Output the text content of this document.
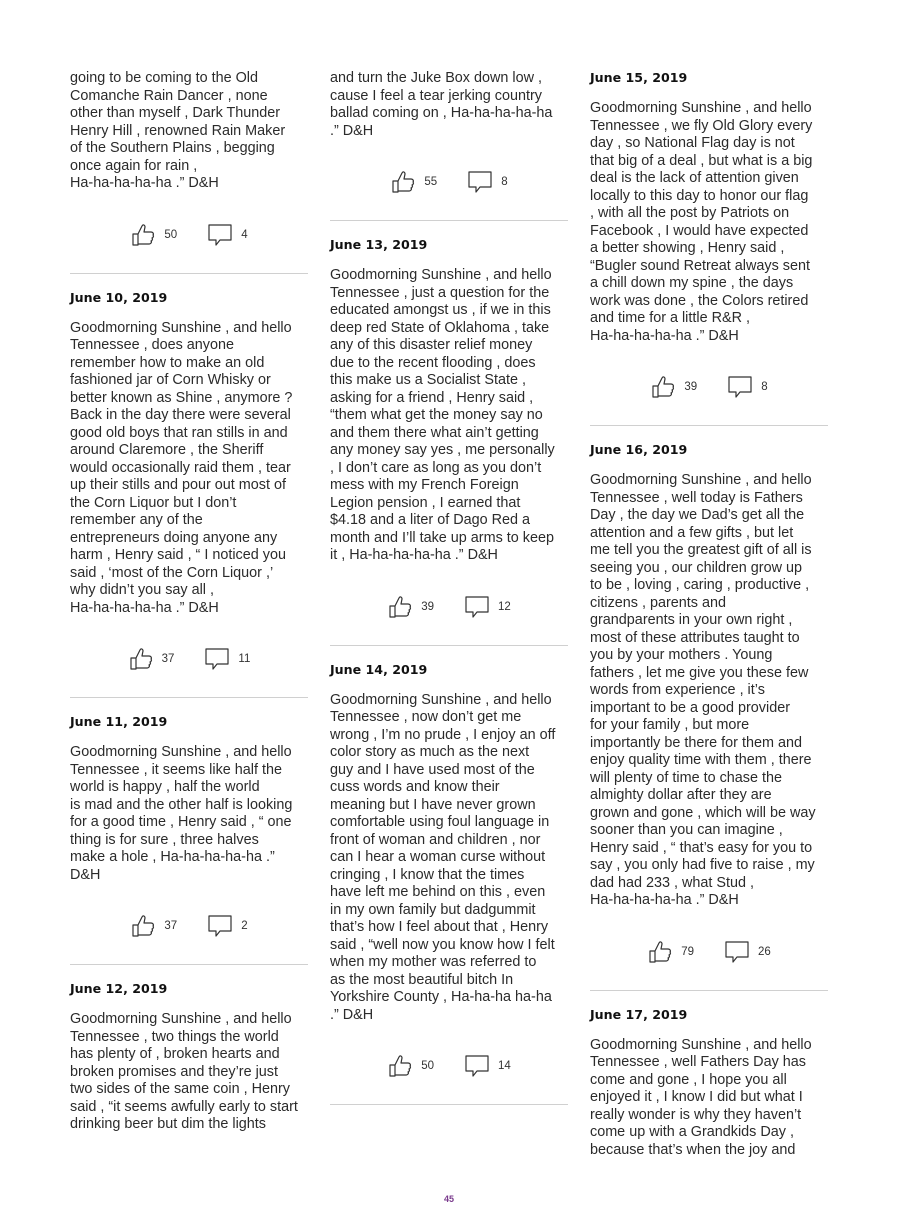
going to be coming to the Old
Comanche Rain Dancer , none
other than myself , Dark Thunder
Henry Hill , renowned Rain Maker
of the Southern Plains , begging
once again for rain ,
Ha-ha-ha-ha-ha .” D&H

50	4

June 10, 2019

Goodmorning Sunshine , and hello
Tennessee , does anyone
remember how to make an old
fashioned jar of Corn Whisky or
better known as Shine , anymore ?
Back in the day there were several
good old boys that ran stills in and
around Claremore , the Sheriff
would occasionally raid them , tear
up their stills and pour out most of
the Corn Liquor but I don’t
remember any of the
entrepreneurs doing anyone any
harm , Henry said , “ I noticed you
said , ‘most of the Corn Liquor ,’
why didn’t you say all ,
Ha-ha-ha-ha-ha .” D&H

37	11

June 11, 2019

Goodmorning Sunshine , and hello
Tennessee , it seems like half the
world is happy , half the world
is mad and the other half is looking
for a good time , Henry said , “ one
thing is for sure , three halves
make a hole , Ha-ha-ha-ha-ha .”
D&H

37	2

June 12, 2019

Goodmorning Sunshine , and hello
Tennessee , two things the world
has plenty of , broken hearts and
broken promises and they’re just
two sides of the same coin , Henry
said , “it seems awfully early to start
drinking beer but dim the lights

and turn the Juke Box down low ,
cause I feel a tear jerking country
ballad coming on , Ha-ha-ha-ha-ha
.” D&H

55	8

June 13, 2019

Goodmorning Sunshine , and hello
Tennessee , just a question for the
educated amongst us , if we in this
deep red State of Oklahoma , take
any of this disaster relief money
due to the recent flooding , does
this make us a Socialist State ,
asking for a friend , Henry said ,
“them what get the money say no
and them there what ain’t getting
any money say yes , me personally
, I don’t care as long as you don’t
mess with my French Foreign
Legion pension , I earned that
$4.18 and a liter of Dago Red a
month and I’ll take up arms to keep
it , Ha-ha-ha-ha-ha .” D&H

39	12

June 14, 2019

Goodmorning Sunshine , and hello
Tennessee , now don’t get me
wrong , I’m no prude , I enjoy an off
color story as much as the next
guy and I have used most of the
cuss words and know their
meaning but I have never grown
comfortable using foul language in
front of woman and children , nor
can I hear a woman curse without
cringing , I know that the times
have left me behind on this , even
in my own family but dadgummit
that’s how I feel about that , Henry
said , “well now you know how I felt
when my mother was referred to
as the most beautiful bitch In
Yorkshire County , Ha-ha-ha ha-ha
.” D&H

50	14

June 15, 2019

Goodmorning Sunshine , and hello
Tennessee , we fly Old Glory every
day , so National Flag day is not
that big of a deal , but what is a big
deal is the lack of attention given
locally to this day to honor our flag
, with all the post by Patriots on
Facebook , I would have expected
a better showing , Henry said ,
“Bugler sound Retreat always sent
a chill down my spine , the days
work was done , the Colors retired
and time for a little R&R ,
Ha-ha-ha-ha-ha .” D&H

39	8

June 16, 2019

Goodmorning Sunshine , and hello
Tennessee , well today is Fathers
Day , the day we Dad’s get all the
attention and a few gifts , but let
me tell you the greatest gift of all is
seeing you , our children grow up
to be , loving , caring , productive ,
citizens , parents and
grandparents in your own right ,
most of these attributes taught to
you by your mothers . Young
fathers , let me give you these few
words from experience , it’s
important to be a good provider
for your family , but more
importantly be there for them and
enjoy quality time with them , there
will plenty of time to chase the
almighty dollar after they are
grown and gone , which will be way
sooner than you can imagine ,
Henry said , “ that’s easy for you to
say , you only had five to raise , my
dad had 233 , what Stud ,
Ha-ha-ha-ha-ha .” D&H

79	26

June 17, 2019

Goodmorning Sunshine , and hello
Tennessee , well Fathers Day has
come and gone , I hope you all
enjoyed it , I know I did but what I
really wonder is why they haven’t
come up with a Grandkids Day ,
because that’s when the joy and

45
